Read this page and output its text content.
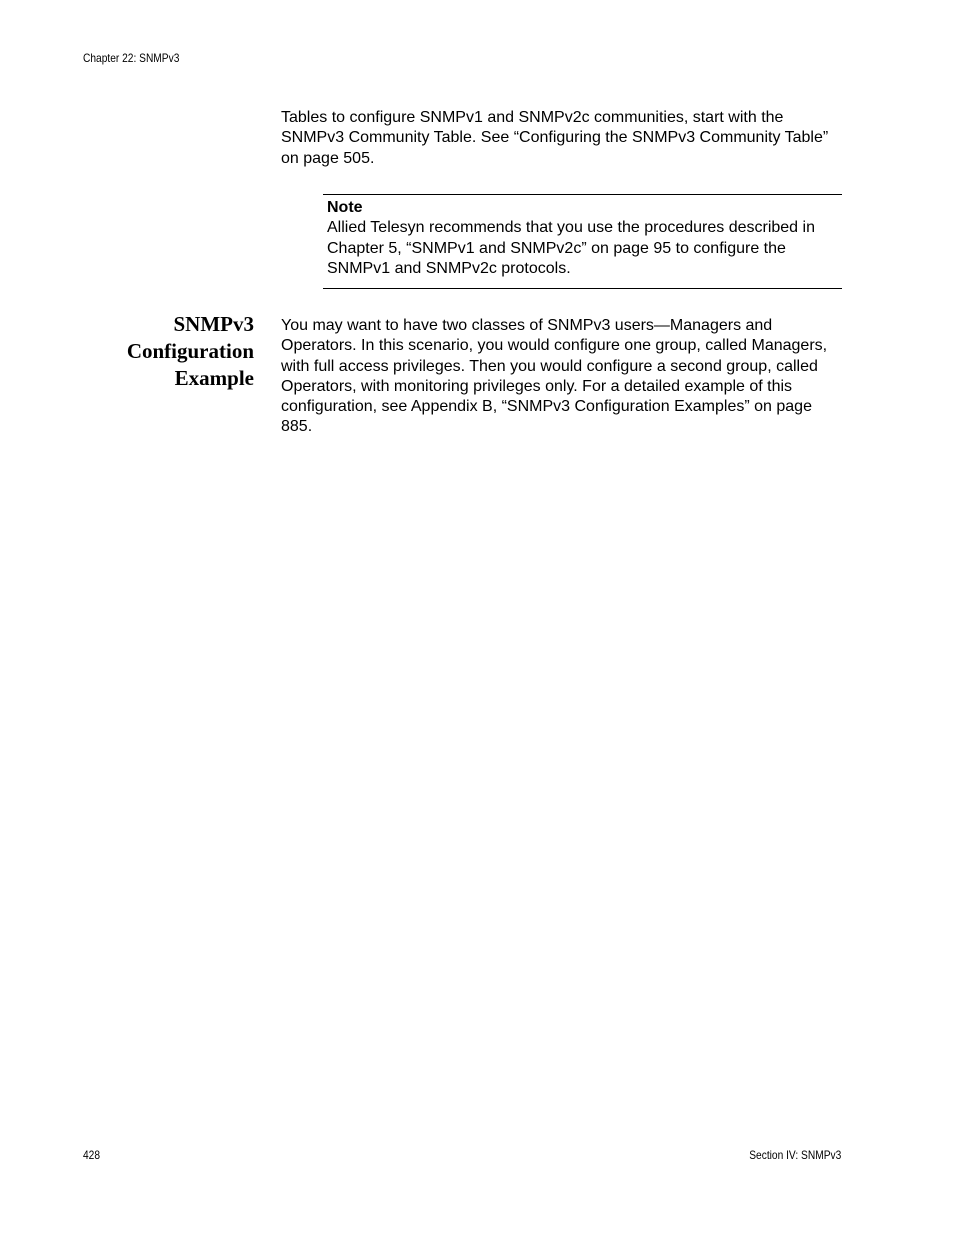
Chapter 22: SNMPv3

Tables to configure SNMPv1 and SNMPv2c communities, start with the SNMPv3 Community Table. See “Configuring the SNMPv3 Community Table” on page 505.

Note

Allied Telesyn recommends that you use the procedures described in Chapter 5, “SNMPv1 and SNMPv2c” on page 95 to configure the SNMPv1 and SNMPv2c protocols.

SNMPv3
Configuration
Example

You may want to have two classes of SNMPv3 users—Managers and Operators. In this scenario, you would configure one group, called Managers, with full access privileges. Then you would configure a second group, called Operators, with monitoring privileges only. For a detailed example of this configuration, see Appendix B, “SNMPv3 Configuration Examples” on page 885.

428	Section IV: SNMPv3
